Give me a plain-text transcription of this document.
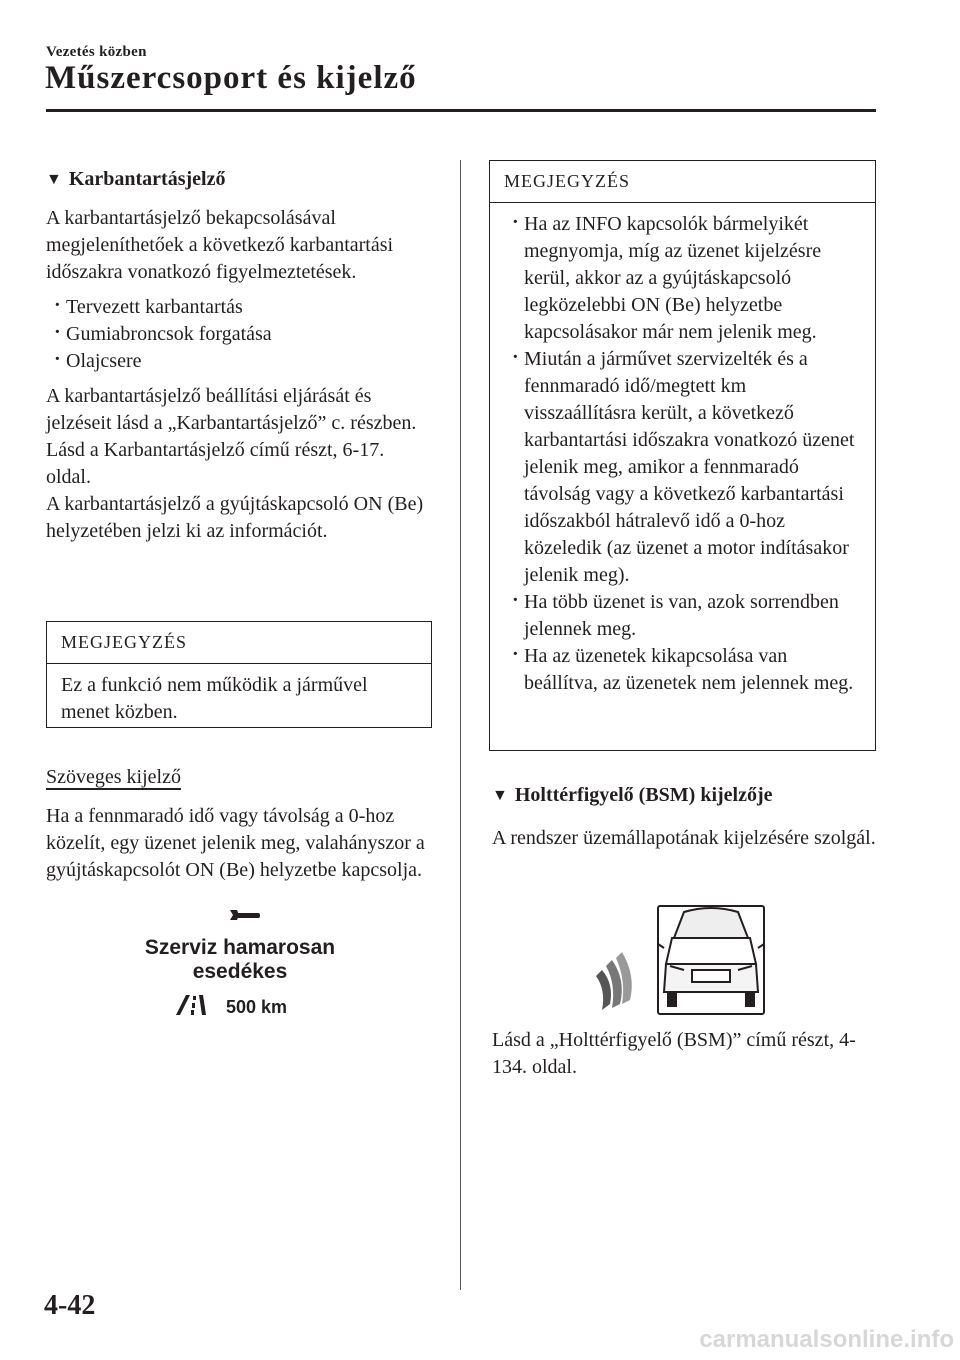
Vezetés közben
Műszercsoport és kijelző
▼ Karbantartásjelző

A karbantartásjelző bekapcsolásával megjeleníthetőek a következő karbantartási időszakra vonatkozó figyelmeztetések.

· Tervezett karbantartás
· Gumiabroncsok forgatása
· Olajcsere

A karbantartásjelző beállítási eljárását és jelzéseit lásd a „Karbantartásjelző” c. részben.

Lásd a Karbantartásjelző című részt, 6-17. oldal.

A karbantartásjelző a gyújtáskapcsoló ON (Be) helyzetében jelzi ki az információt.

MEGJEGYZÉS
Ez a funkció nem működik a járművel menet közben.

Szöveges kijelző

Ha a fennmaradó idő vagy távolság a 0-hoz közelít, egy üzenet jelenik meg, valahányszor a gyújtáskapcsolót ON (Be) helyzetbe kapcsolja.

Szerviz hamarosan
esedékes
500 km
MEGJEGYZÉS
· Ha az INFO kapcsolók bármelyikét megnyomja, míg az üzenet kijelzésre kerül, akkor az a gyújtáskapcsoló legközelebbi ON (Be) helyzetbe kapcsolásakor már nem jelenik meg.
· Miután a járművet szervizelték és a fennmaradó idő/megtett km visszaállításra került, a következő karbantartási időszakra vonatkozó üzenet jelenik meg, amikor a fennmaradó távolság vagy a következő karbantartási időszakból hátralevő idő a 0-hoz közeledik (az üzenet a motor indításakor jelenik meg).
· Ha több üzenet is van, azok sorrendben jelennek meg.
· Ha az üzenetek kikapcsolása van beállítva, az üzenetek nem jelennek meg.
▼ Holttérfigyelő (BSM) kijelzője

A rendszer üzemállapotának kijelzésére szolgál.

Lásd a „Holttérfigyelő (BSM)” című részt, 4-134. oldal.

4-42
carmanualsonline.info
